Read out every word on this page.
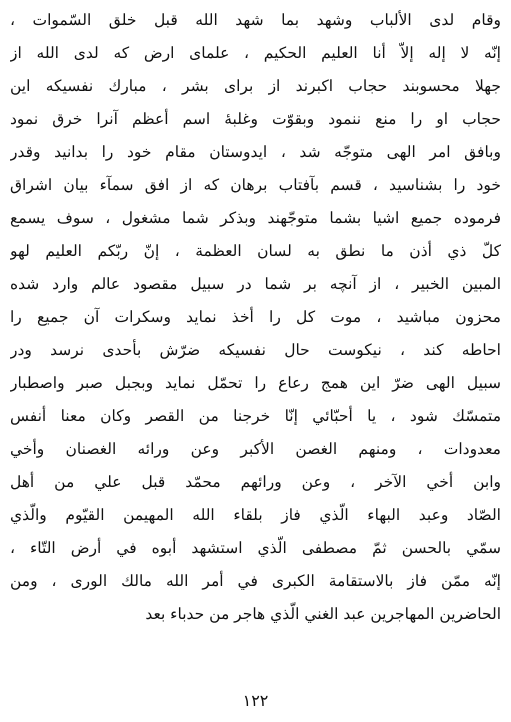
وقام لدى الألباب وشهد بما شهد الله قبل خلق السّموات ،
إنّه لا إله إلاّ أنا العليم الحكيم ، علمای ارض كه لدی الله از
جهلا محسوبند حجاب اكبرند از برای بشر ، مبارك نفسيكه اين
حجاب او را منع ننمود وبقوّت وغلبهٔ اسم أعظم آنرا خرق نمود
وبافق امر الهی متوجّه شد ، ايدوستان مقام خود را بدانيد وقدر
خود را بشناسيد ، قسم بآفتاب برهان كه از افق سمآء بيان اشراق
فرموده جميع اشيا بشما متوجّهند وبذكر شما مشغول ، سوف يسمع
كلّ ذي أذن ما نطق به لسان العظمة ، إنّ ربّكم العليم لهو
المبين الخبير ، از آنچه بر شما در سبيل مقصود عالم وارد شده
محزون مباشيد ، موت كل را أخذ نمايد وسكرات آن جميع را
احاطه كند ، نيكوست حال نفسيكه ضرّش بأحدى نرسد ودر
سبيل الهی ضرّ اين همج رعاع را تحمّل نمايد وبجبل صبر واصطبار
متمسّك شود ، يا أحبّائي إنّا خرجنا من القصر وكان معنا أنفس
معدودات ، ومنهم الغصن الأكبر وعن ورائه الغصنان وأخي
وابن أخي الآخر ، وعن ورائهم محمّد قبل علي من أهل
الصّاد وعبد البهاء الّذي فاز بلقاء الله المهيمن القيّوم والّذي
سمّي بالحسن ثمّ مصطفى الّذي استشهد أبوه في أرض التّاء ،
إنّه ممّن فاز بالاستقامة الكبرى في أمر الله مالك الورى ، ومن
الحاضرين المهاجرين عبد الغني الّذي هاجر من حدباء بعد
١٢٢
